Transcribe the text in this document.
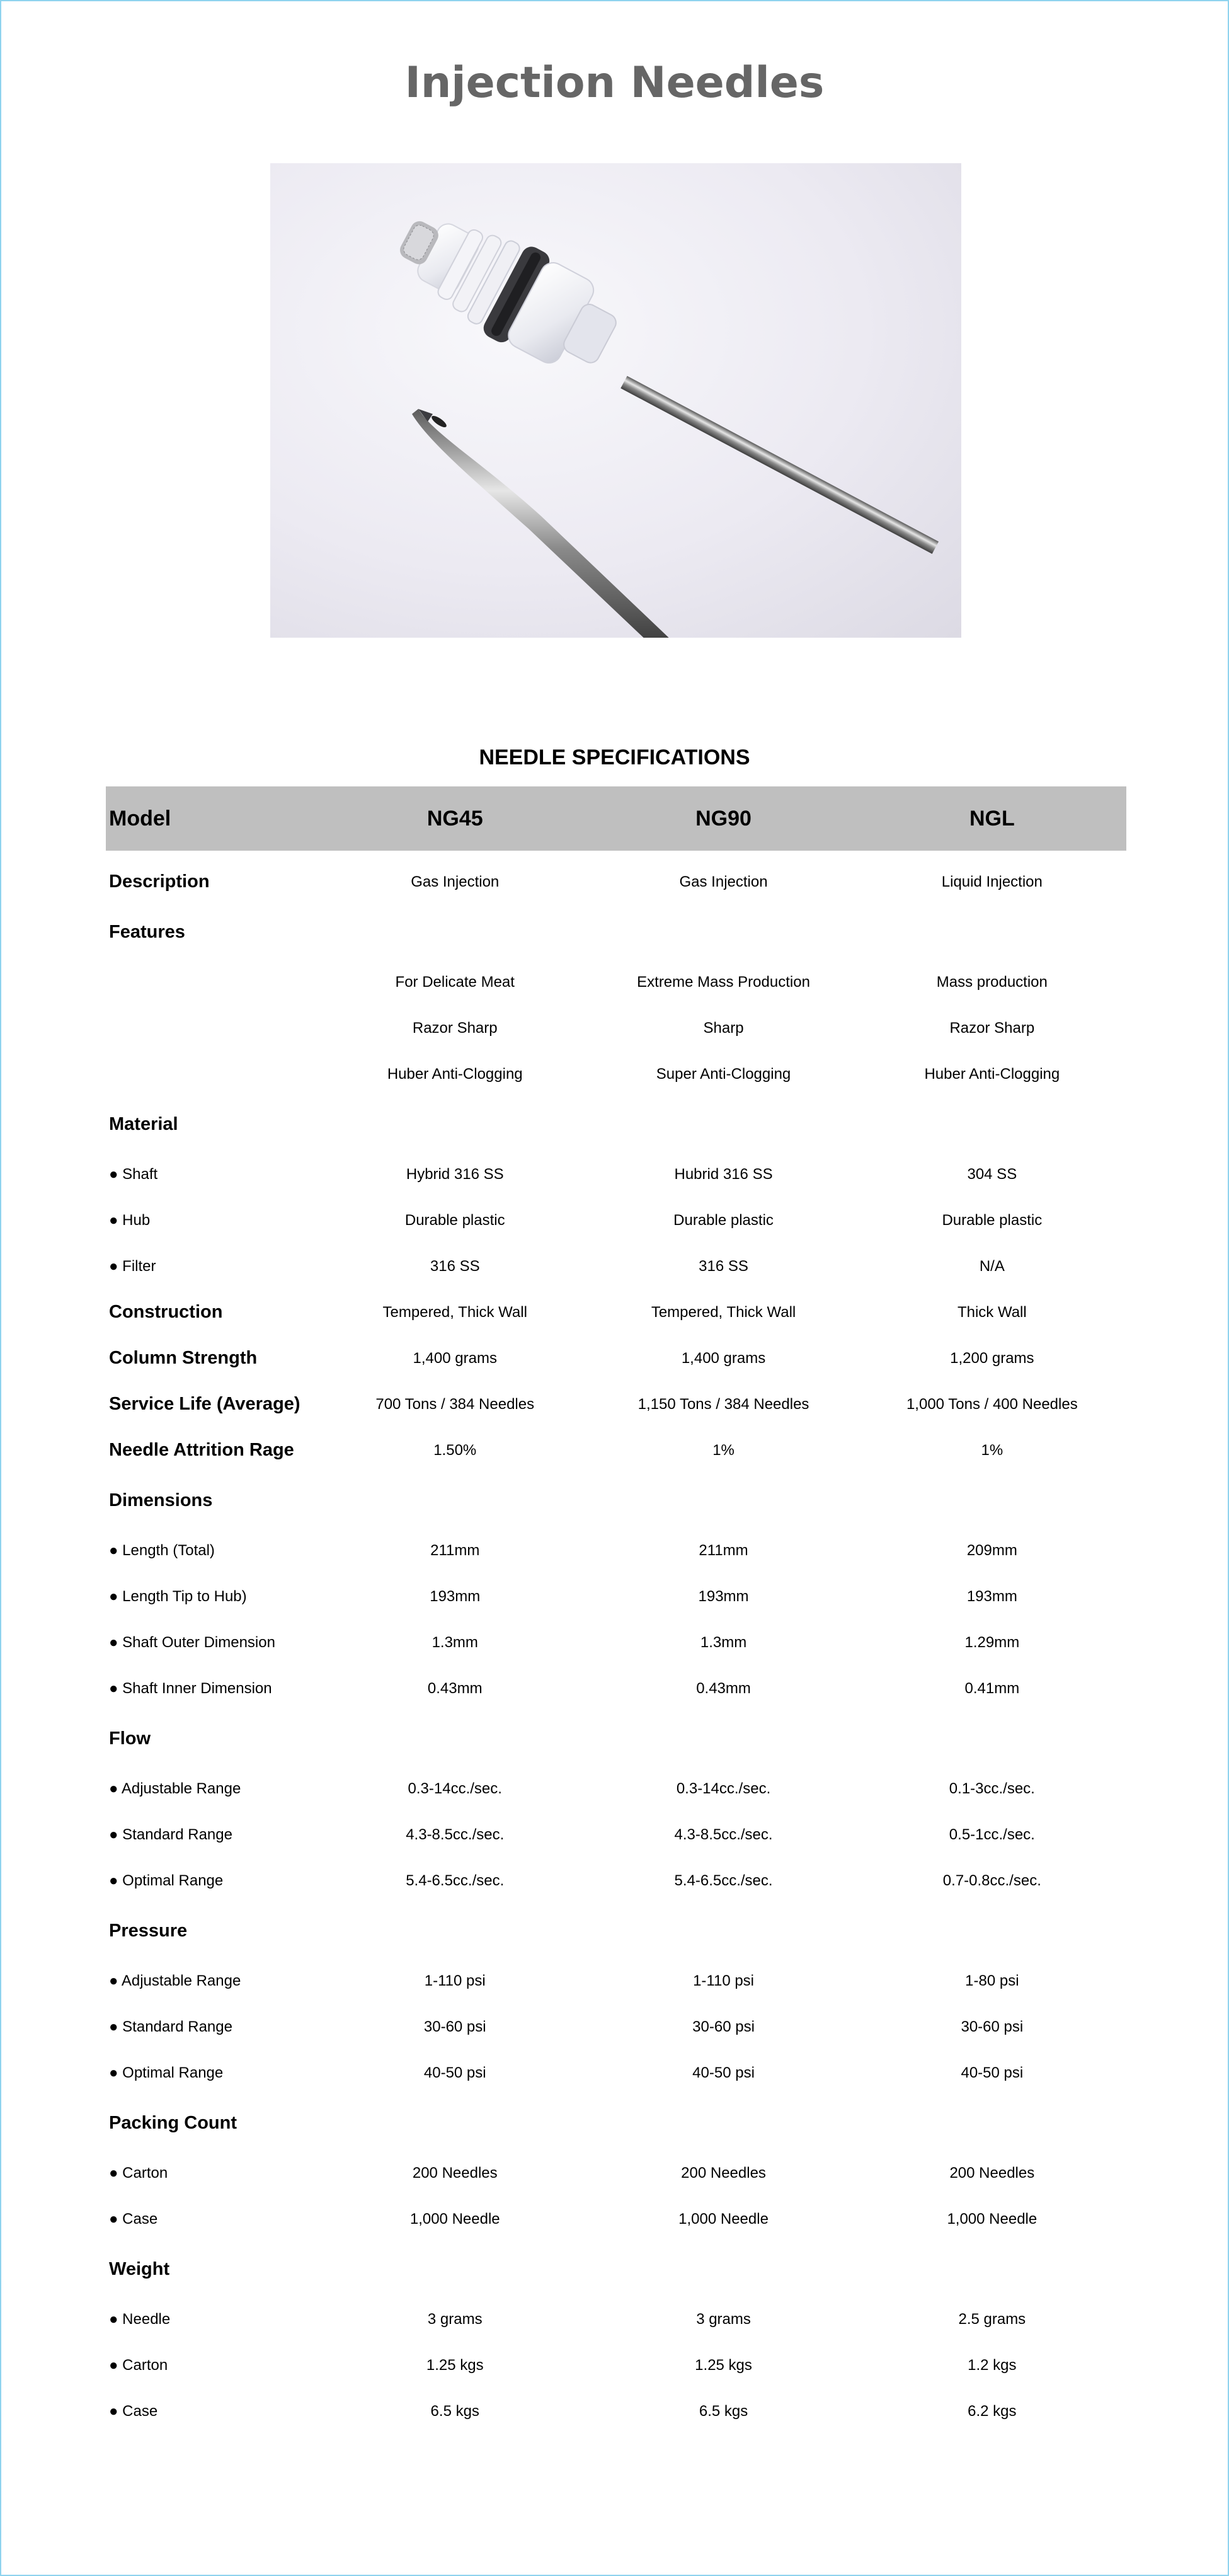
Injection Needles
NEEDLE SPECIFICATIONS
Model	NG45	NG90	NGL
Description	Gas Injection	Gas Injection	Liquid Injection
Features
For Delicate Meat	Extreme Mass Production	Mass production
Razor Sharp	Sharp	Razor Sharp
Huber Anti-Clogging	Super Anti-Clogging	Huber Anti-Clogging
Material
● Shaft	Hybrid 316 SS	Hubrid 316 SS	304 SS
● Hub	Durable plastic	Durable plastic	Durable plastic
● Filter	316 SS	316 SS	N/A
Construction	Tempered, Thick Wall	Tempered, Thick Wall	Thick Wall
Column Strength	1,400 grams	1,400 grams	1,200 grams
Service Life (Average)	700 Tons / 384 Needles	1,150 Tons / 384 Needles	1,000 Tons / 400 Needles
Needle Attrition Rage	1.50%	1%	1%
Dimensions
● Length (Total)	211mm	211mm	209mm
● Length Tip to Hub)	193mm	193mm	193mm
● Shaft Outer Dimension	1.3mm	1.3mm	1.29mm
● Shaft Inner Dimension	0.43mm	0.43mm	0.41mm
Flow
● Adjustable Range	0.3-14cc./sec.	0.3-14cc./sec.	0.1-3cc./sec.
● Standard Range	4.3-8.5cc./sec.	4.3-8.5cc./sec.	0.5-1cc./sec.
● Optimal Range	5.4-6.5cc./sec.	5.4-6.5cc./sec.	0.7-0.8cc./sec.
Pressure
● Adjustable Range	1-110 psi	1-110 psi	1-80 psi
● Standard Range	30-60 psi	30-60 psi	30-60 psi
● Optimal Range	40-50 psi	40-50 psi	40-50 psi
Packing Count
● Carton	200 Needles	200 Needles	200 Needles
● Case	1,000 Needle	1,000 Needle	1,000 Needle
Weight
● Needle	3 grams	3 grams	2.5 grams
● Carton	1.25 kgs	1.25 kgs	1.2 kgs
● Case	6.5 kgs	6.5 kgs	6.2 kgs
